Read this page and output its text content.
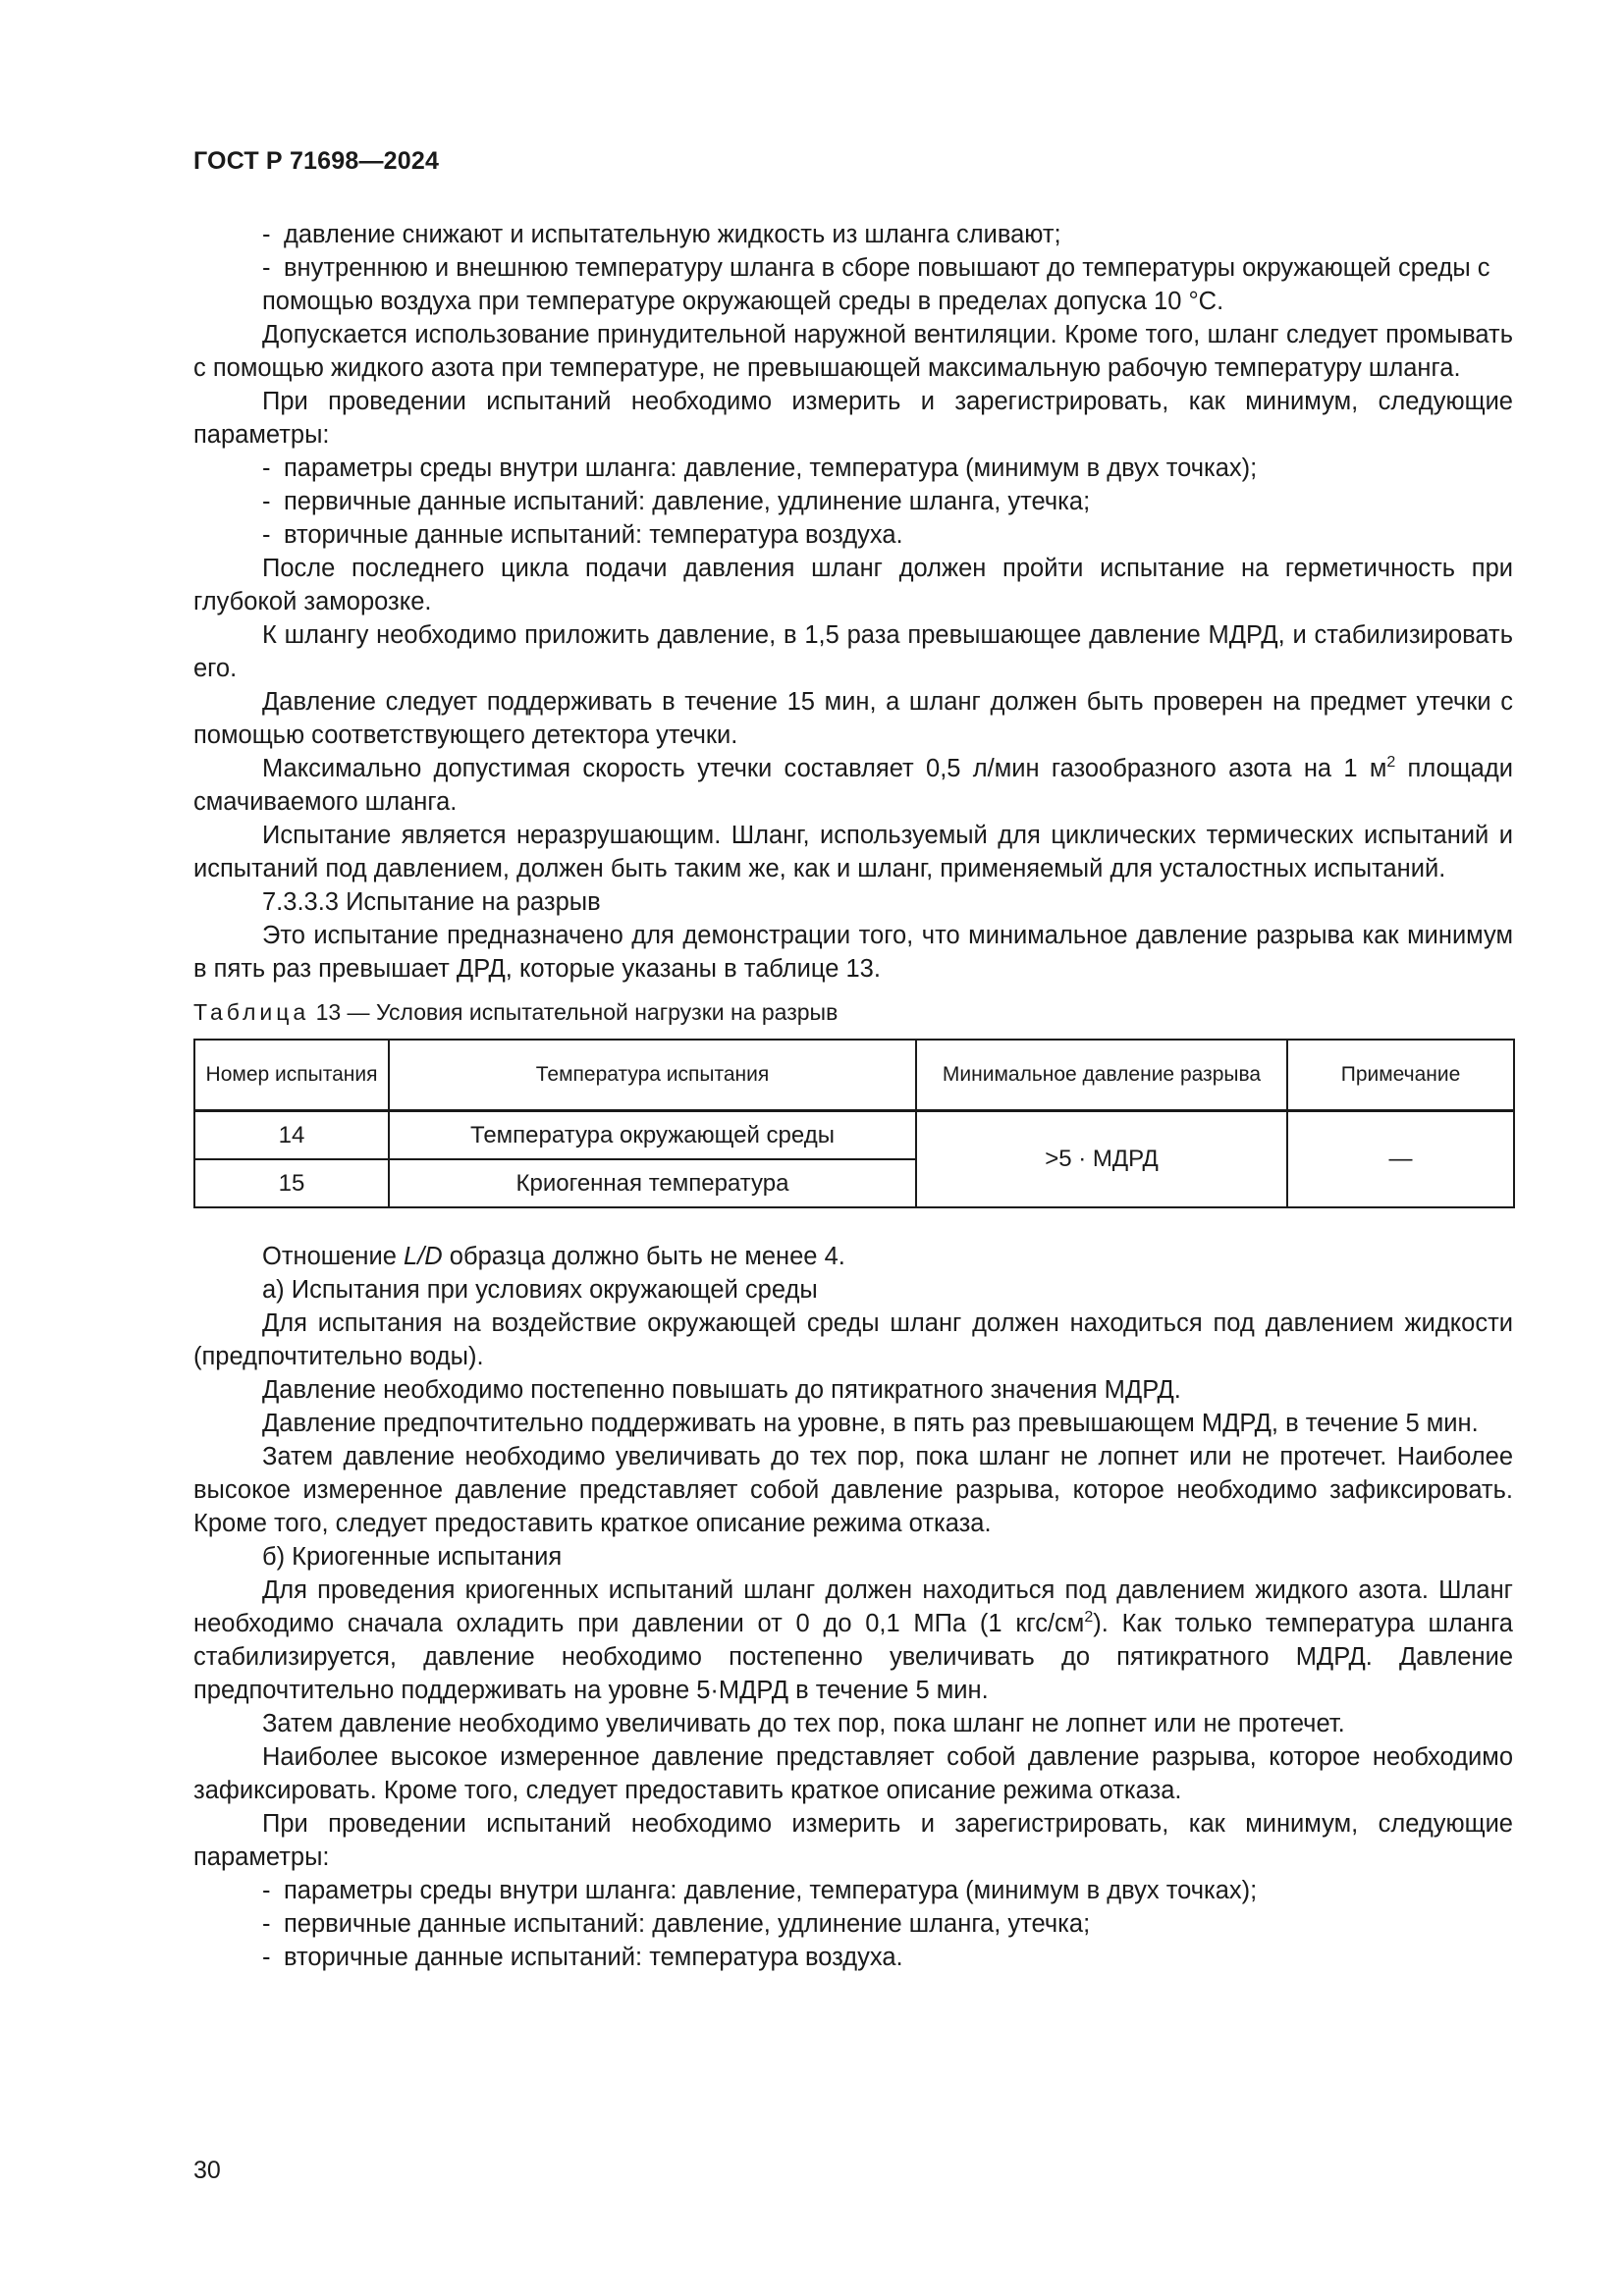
ГОСТ Р 71698—2024
- давление снижают и испытательную жидкость из шланга сливают;
- внутреннюю и внешнюю температуру шланга в сборе повышают до температуры окружающей среды с помощью воздуха при температуре окружающей среды в пределах допуска 10 °С.
Допускается использование принудительной наружной вентиляции. Кроме того, шланг следует промывать с помощью жидкого азота при температуре, не превышающей максимальную рабочую температуру шланга.
При проведении испытаний необходимо измерить и зарегистрировать, как минимум, следующие параметры:
- параметры среды внутри шланга: давление, температура (минимум в двух точках);
- первичные данные испытаний: давление, удлинение шланга, утечка;
- вторичные данные испытаний: температура воздуха.
После последнего цикла подачи давления шланг должен пройти испытание на герметичность при глубокой заморозке.
К шлангу необходимо приложить давление, в 1,5 раза превышающее давление МДРД, и стабилизировать его.
Давление следует поддерживать в течение 15 мин, а шланг должен быть проверен на предмет утечки с помощью соответствующего детектора утечки.
Максимально допустимая скорость утечки составляет 0,5 л/мин газообразного азота на 1 $м^2$ площади смачиваемого шланга.
Испытание является неразрушающим. Шланг, используемый для циклических термических испытаний и испытаний под давлением, должен быть таким же, как и шланг, применяемый для усталостных испытаний.
7.3.3.3 Испытание на разрыв
Это испытание предназначено для демонстрации того, что минимальное давление разрыва как минимум в пять раз превышает ДРД, которые указаны в таблице 13.
Таблица 13 — Условия испытательной нагрузки на разрыв
Номер испытания	Температура испытания	Минимальное давление разрыва	Примечание
14	Температура окружающей среды	>5 · МДРД	—
15	Криогенная температура		
Отношение L/D образца должно быть не менее 4.
а) Испытания при условиях окружающей среды
Для испытания на воздействие окружающей среды шланг должен находиться под давлением жидкости (предпочтительно воды).
Давление необходимо постепенно повышать до пятикратного значения МДРД.
Давление предпочтительно поддерживать на уровне, в пять раз превышающем МДРД, в течение 5 мин.
Затем давление необходимо увеличивать до тех пор, пока шланг не лопнет или не протечет. Наиболее высокое измеренное давление представляет собой давление разрыва, которое необходимо зафиксировать. Кроме того, следует предоставить краткое описание режима отказа.
б) Криогенные испытания
Для проведения криогенных испытаний шланг должен находиться под давлением жидкого азота. Шланг необходимо сначала охладить при давлении от 0 до 0,1 МПа (1 кгс/$см^2$). Как только температура шланга стабилизируется, давление необходимо постепенно увеличивать до пятикратного МДРД. Давление предпочтительно поддерживать на уровне 5·МДРД в течение 5 мин.
Затем давление необходимо увеличивать до тех пор, пока шланг не лопнет или не протечет.
Наиболее высокое измеренное давление представляет собой давление разрыва, которое необходимо зафиксировать. Кроме того, следует предоставить краткое описание режима отказа.
При проведении испытаний необходимо измерить и зарегистрировать, как минимум, следующие параметры:
- параметры среды внутри шланга: давление, температура (минимум в двух точках);
- первичные данные испытаний: давление, удлинение шланга, утечка;
- вторичные данные испытаний: температура воздуха.
30
